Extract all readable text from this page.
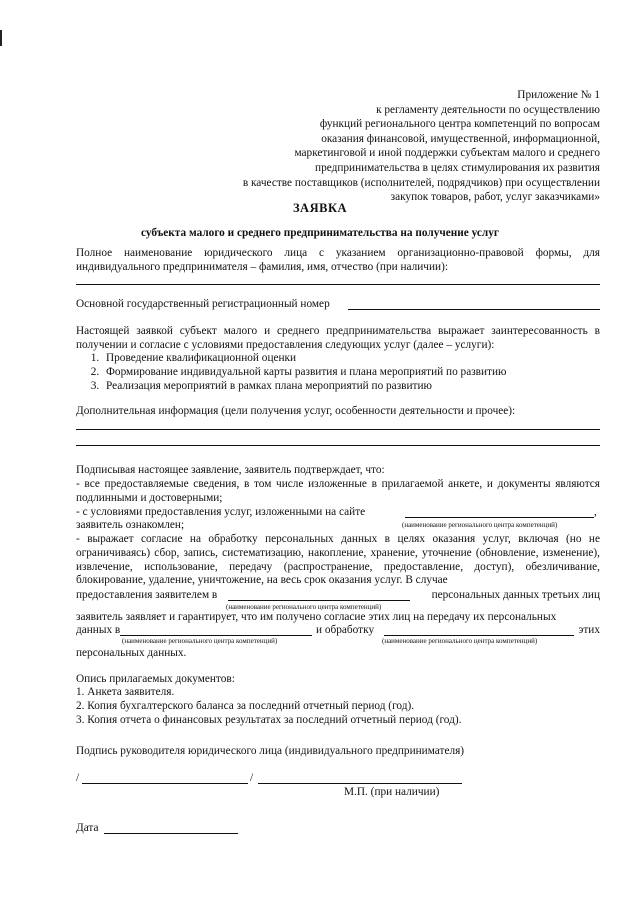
Приложение № 1
к регламенту деятельности по осуществлению
функций регионального центра компетенций по вопросам
оказания финансовой, имущественной, информационной,
маркетинговой и иной поддержки субъектам малого и среднего
предпринимательства в целях стимулирования их развития
в качестве поставщиков (исполнителей, подрядчиков) при осуществлении
закупок товаров, работ, услуг заказчиками»
ЗАЯВКА
субъекта малого и среднего предпринимательства на получение услуг
Полное наименование юридического лица с указанием организационно-правовой формы, для индивидуального предпринимателя – фамилия, имя, отчество (при наличии):
Основной государственный регистрационный номер
Настоящей заявкой субъект малого и среднего предпринимательства выражает заинтересованность в получении и согласие с условиями предоставления следующих услуг (далее – услуги):
1. Проведение квалификационной оценки
2. Формирование индивидуальной карты развития и плана мероприятий по развитию
3. Реализация мероприятий в рамках плана мероприятий по развитию
Дополнительная информация (цели получения услуг, особенности деятельности и прочее):
Подписывая настоящее заявление, заявитель подтверждает, что:
- все предоставляемые сведения, в том числе изложенные в прилагаемой анкете, и документы являются подлинными и достоверными;
- с условиями предоставления услуг, изложенными на сайте	,
заявитель ознакомлен;	(наименование регионального центра компетенций)
- выражает согласие на обработку персональных данных в целях оказания услуг, включая (но не ограничиваясь) сбор, запись, систематизацию, накопление, хранение, уточнение (обновление, изменение), извлечение, использование, передачу (распространение, предоставление, доступ), обезличивание, блокирование, удаление, уничтожение, на весь срок оказания услуг. В случае
предоставления заявителем в	персональных данных третьих лиц
(наименование регионального центра компетенций)
заявитель заявляет и гарантирует, что им получено согласие этих лиц на передачу их персональных
данных в	и обработку	этих
(наименование регионального центра компетенций)	(наименование регионального центра компетенций)
персональных данных.
Опись прилагаемых документов:
1. Анкета заявителя.
2. Копия бухгалтерского баланса за последний отчетный период (год).
3. Копия отчета о финансовых результатах за последний отчетный период (год).
Подпись руководителя юридического лица (индивидуального предпринимателя)
/	/
М.П. (при наличии)
Дата
